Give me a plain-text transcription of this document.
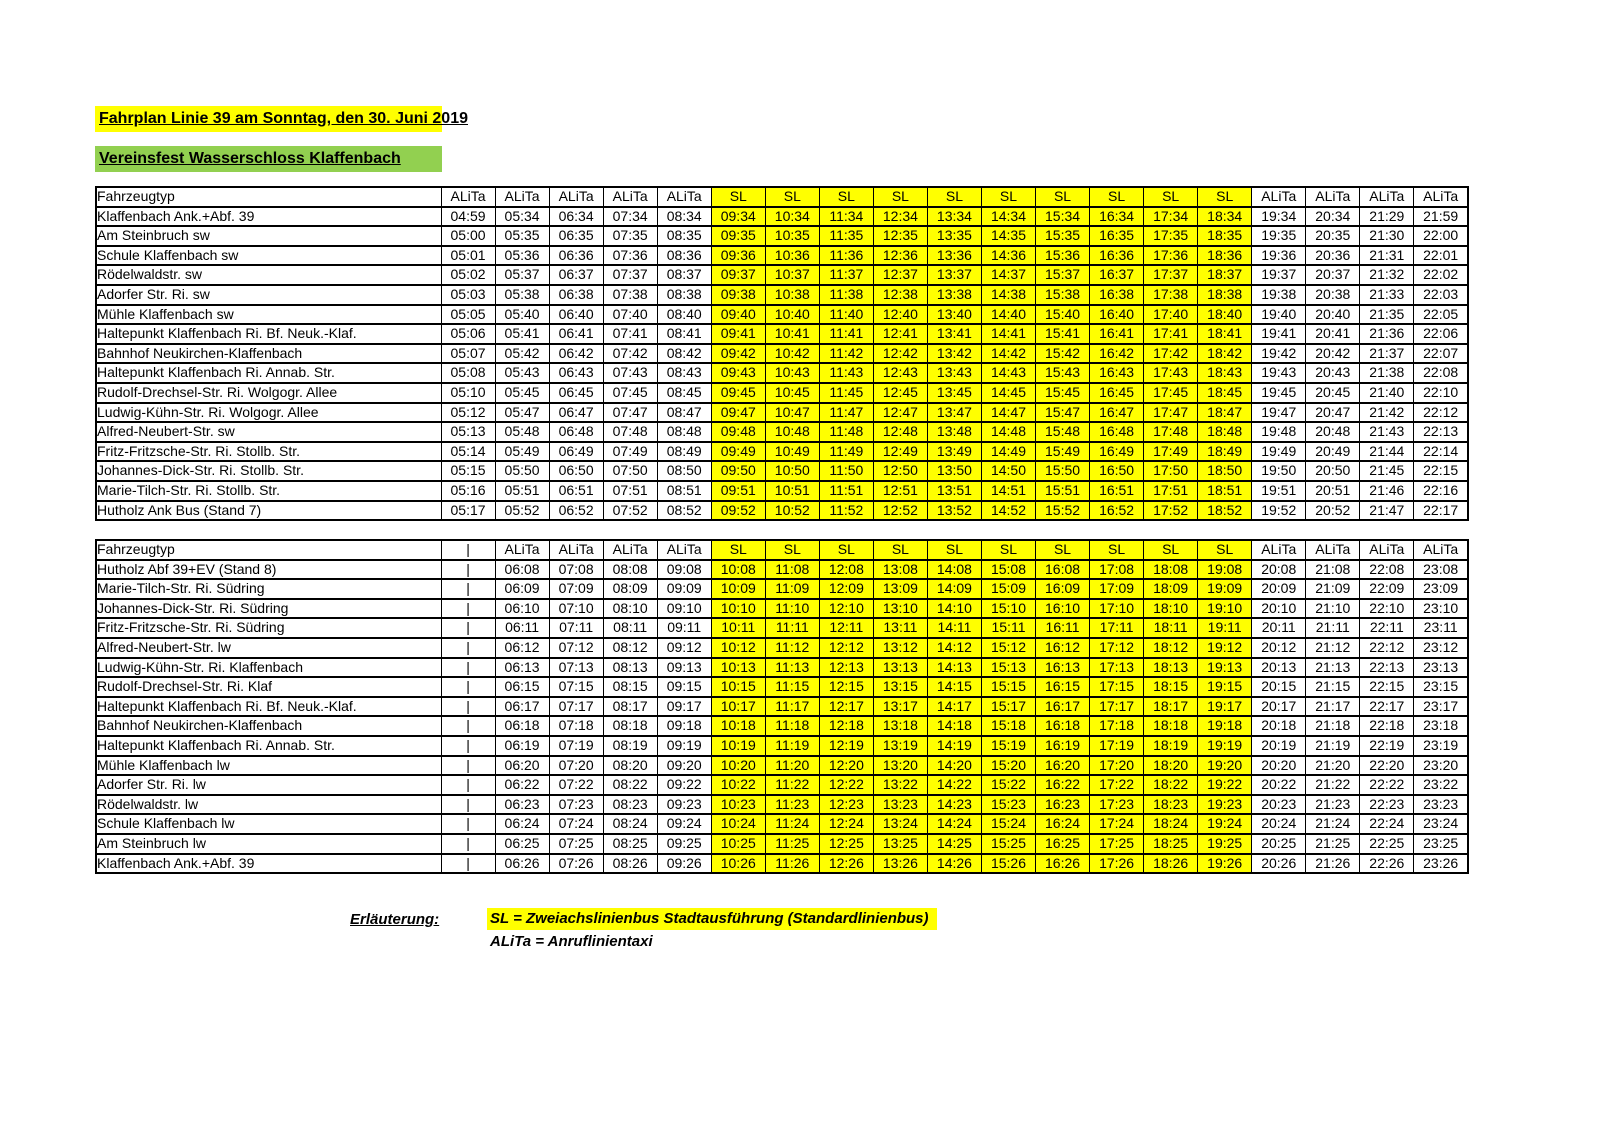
Fahrplan Linie 39 am Sonntag, den 30. Juni 2019
Vereinsfest Wasserschloss Klaffenbach
Fahrzeugtyp	ALiTa	ALiTa	ALiTa	ALiTa	ALiTa	SL	SL	SL	SL	SL	SL	SL	SL	SL	SL	ALiTa	ALiTa	ALiTa	ALiTa
Klaffenbach Ank.+Abf. 39	04:59	05:34	06:34	07:34	08:34	09:34	10:34	11:34	12:34	13:34	14:34	15:34	16:34	17:34	18:34	19:34	20:34	21:29	21:59
Am Steinbruch sw	05:00	05:35	06:35	07:35	08:35	09:35	10:35	11:35	12:35	13:35	14:35	15:35	16:35	17:35	18:35	19:35	20:35	21:30	22:00
Schule Klaffenbach sw	05:01	05:36	06:36	07:36	08:36	09:36	10:36	11:36	12:36	13:36	14:36	15:36	16:36	17:36	18:36	19:36	20:36	21:31	22:01
Rödelwaldstr. sw	05:02	05:37	06:37	07:37	08:37	09:37	10:37	11:37	12:37	13:37	14:37	15:37	16:37	17:37	18:37	19:37	20:37	21:32	22:02
Adorfer Str. Ri. sw	05:03	05:38	06:38	07:38	08:38	09:38	10:38	11:38	12:38	13:38	14:38	15:38	16:38	17:38	18:38	19:38	20:38	21:33	22:03
Mühle Klaffenbach sw	05:05	05:40	06:40	07:40	08:40	09:40	10:40	11:40	12:40	13:40	14:40	15:40	16:40	17:40	18:40	19:40	20:40	21:35	22:05
Haltepunkt Klaffenbach Ri. Bf. Neuk.-Klaf.	05:06	05:41	06:41	07:41	08:41	09:41	10:41	11:41	12:41	13:41	14:41	15:41	16:41	17:41	18:41	19:41	20:41	21:36	22:06
Bahnhof Neukirchen-Klaffenbach	05:07	05:42	06:42	07:42	08:42	09:42	10:42	11:42	12:42	13:42	14:42	15:42	16:42	17:42	18:42	19:42	20:42	21:37	22:07
Haltepunkt Klaffenbach Ri. Annab. Str.	05:08	05:43	06:43	07:43	08:43	09:43	10:43	11:43	12:43	13:43	14:43	15:43	16:43	17:43	18:43	19:43	20:43	21:38	22:08
Rudolf-Drechsel-Str. Ri. Wolgogr. Allee	05:10	05:45	06:45	07:45	08:45	09:45	10:45	11:45	12:45	13:45	14:45	15:45	16:45	17:45	18:45	19:45	20:45	21:40	22:10
Ludwig-Kühn-Str. Ri. Wolgogr. Allee	05:12	05:47	06:47	07:47	08:47	09:47	10:47	11:47	12:47	13:47	14:47	15:47	16:47	17:47	18:47	19:47	20:47	21:42	22:12
Alfred-Neubert-Str. sw	05:13	05:48	06:48	07:48	08:48	09:48	10:48	11:48	12:48	13:48	14:48	15:48	16:48	17:48	18:48	19:48	20:48	21:43	22:13
Fritz-Fritzsche-Str. Ri. Stollb. Str.	05:14	05:49	06:49	07:49	08:49	09:49	10:49	11:49	12:49	13:49	14:49	15:49	16:49	17:49	18:49	19:49	20:49	21:44	22:14
Johannes-Dick-Str. Ri. Stollb. Str.	05:15	05:50	06:50	07:50	08:50	09:50	10:50	11:50	12:50	13:50	14:50	15:50	16:50	17:50	18:50	19:50	20:50	21:45	22:15
Marie-Tilch-Str. Ri. Stollb. Str.	05:16	05:51	06:51	07:51	08:51	09:51	10:51	11:51	12:51	13:51	14:51	15:51	16:51	17:51	18:51	19:51	20:51	21:46	22:16
Hutholz Ank Bus (Stand 7)	05:17	05:52	06:52	07:52	08:52	09:52	10:52	11:52	12:52	13:52	14:52	15:52	16:52	17:52	18:52	19:52	20:52	21:47	22:17
Fahrzeugtyp	|	ALiTa	ALiTa	ALiTa	ALiTa	SL	SL	SL	SL	SL	SL	SL	SL	SL	SL	ALiTa	ALiTa	ALiTa	ALiTa
Hutholz Abf 39+EV (Stand 8)	|	06:08	07:08	08:08	09:08	10:08	11:08	12:08	13:08	14:08	15:08	16:08	17:08	18:08	19:08	20:08	21:08	22:08	23:08
Marie-Tilch-Str. Ri. Südring	|	06:09	07:09	08:09	09:09	10:09	11:09	12:09	13:09	14:09	15:09	16:09	17:09	18:09	19:09	20:09	21:09	22:09	23:09
Johannes-Dick-Str. Ri. Südring	|	06:10	07:10	08:10	09:10	10:10	11:10	12:10	13:10	14:10	15:10	16:10	17:10	18:10	19:10	20:10	21:10	22:10	23:10
Fritz-Fritzsche-Str. Ri. Südring	|	06:11	07:11	08:11	09:11	10:11	11:11	12:11	13:11	14:11	15:11	16:11	17:11	18:11	19:11	20:11	21:11	22:11	23:11
Alfred-Neubert-Str. lw	|	06:12	07:12	08:12	09:12	10:12	11:12	12:12	13:12	14:12	15:12	16:12	17:12	18:12	19:12	20:12	21:12	22:12	23:12
Ludwig-Kühn-Str. Ri. Klaffenbach	|	06:13	07:13	08:13	09:13	10:13	11:13	12:13	13:13	14:13	15:13	16:13	17:13	18:13	19:13	20:13	21:13	22:13	23:13
Rudolf-Drechsel-Str. Ri. Klaf	|	06:15	07:15	08:15	09:15	10:15	11:15	12:15	13:15	14:15	15:15	16:15	17:15	18:15	19:15	20:15	21:15	22:15	23:15
Haltepunkt Klaffenbach Ri. Bf. Neuk.-Klaf.	|	06:17	07:17	08:17	09:17	10:17	11:17	12:17	13:17	14:17	15:17	16:17	17:17	18:17	19:17	20:17	21:17	22:17	23:17
Bahnhof Neukirchen-Klaffenbach	|	06:18	07:18	08:18	09:18	10:18	11:18	12:18	13:18	14:18	15:18	16:18	17:18	18:18	19:18	20:18	21:18	22:18	23:18
Haltepunkt Klaffenbach Ri. Annab. Str.	|	06:19	07:19	08:19	09:19	10:19	11:19	12:19	13:19	14:19	15:19	16:19	17:19	18:19	19:19	20:19	21:19	22:19	23:19
Mühle Klaffenbach lw	|	06:20	07:20	08:20	09:20	10:20	11:20	12:20	13:20	14:20	15:20	16:20	17:20	18:20	19:20	20:20	21:20	22:20	23:20
Adorfer Str. Ri. lw	|	06:22	07:22	08:22	09:22	10:22	11:22	12:22	13:22	14:22	15:22	16:22	17:22	18:22	19:22	20:22	21:22	22:22	23:22
Rödelwaldstr. lw	|	06:23	07:23	08:23	09:23	10:23	11:23	12:23	13:23	14:23	15:23	16:23	17:23	18:23	19:23	20:23	21:23	22:23	23:23
Schule Klaffenbach lw	|	06:24	07:24	08:24	09:24	10:24	11:24	12:24	13:24	14:24	15:24	16:24	17:24	18:24	19:24	20:24	21:24	22:24	23:24
Am Steinbruch lw	|	06:25	07:25	08:25	09:25	10:25	11:25	12:25	13:25	14:25	15:25	16:25	17:25	18:25	19:25	20:25	21:25	22:25	23:25
Klaffenbach Ank.+Abf. 39	|	06:26	07:26	08:26	09:26	10:26	11:26	12:26	13:26	14:26	15:26	16:26	17:26	18:26	19:26	20:26	21:26	22:26	23:26
Erläuterung:	SL = Zweiachslinienbus Stadtausführung (Standardlinienbus)
ALiTa = Anruflinientaxi
